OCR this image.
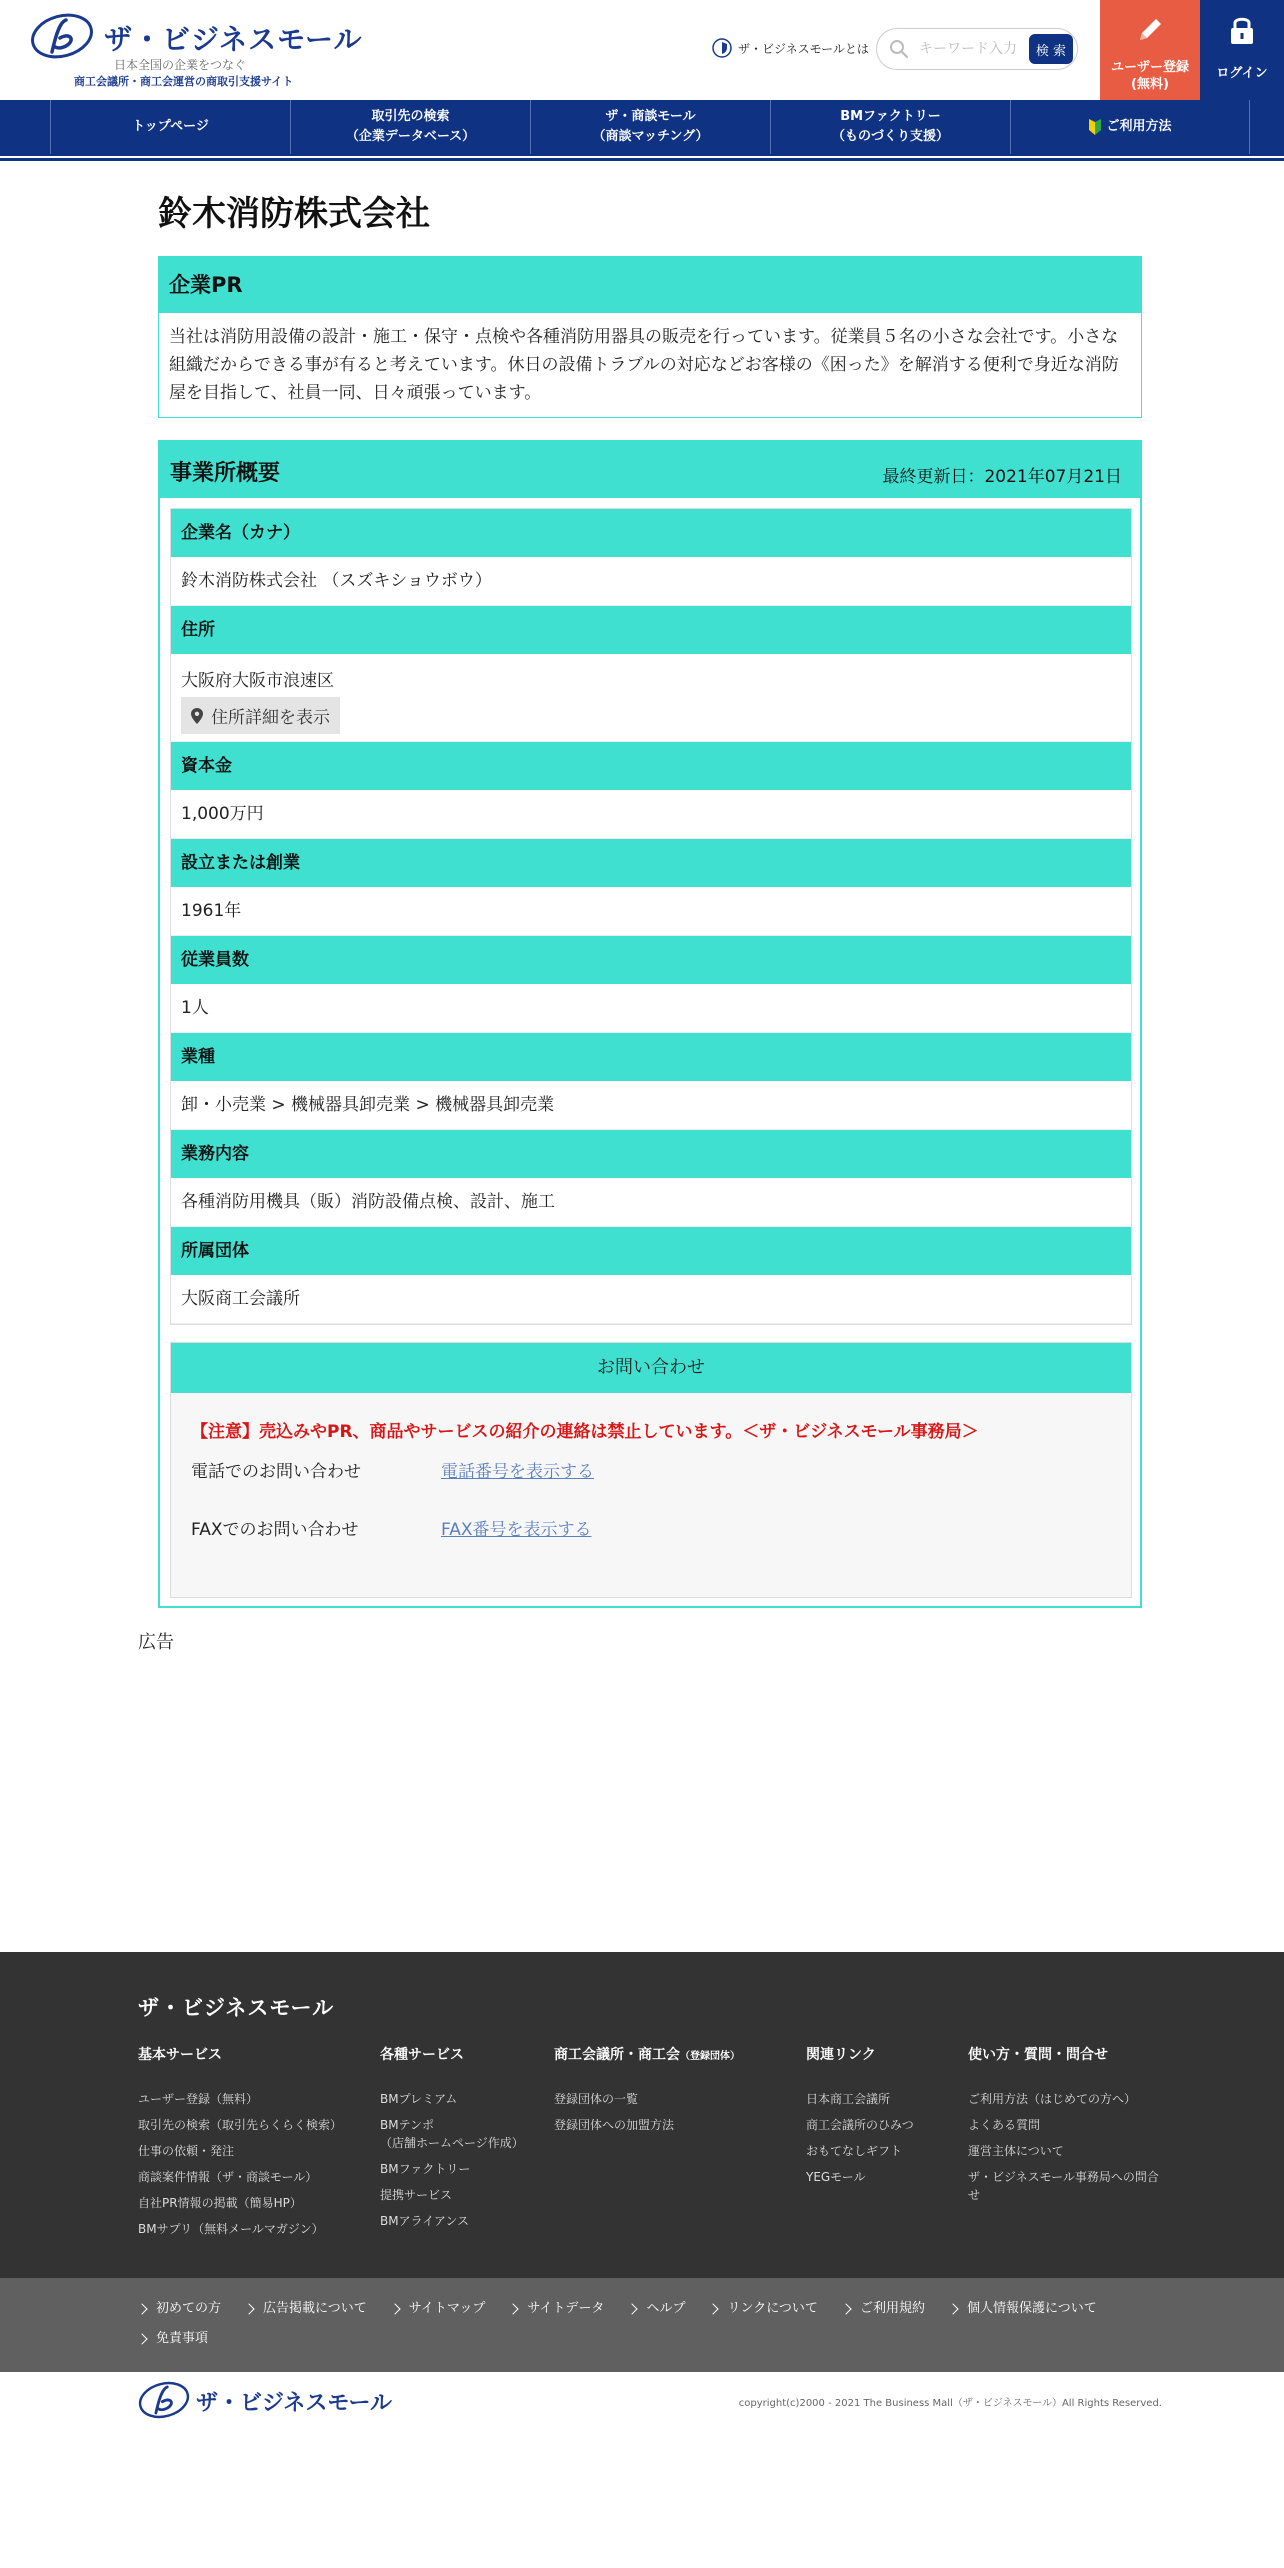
ザ・ビジネスモール
日本全国の企業をつなぐ
商工会議所・商工会運営の商取引支援サイト
ザ・ビジネスモールとは
キーワード入力	検 索
ユーザー登録
(無料)
ログイン
トップページ
取引先の検索
（企業データベース）
ザ・商談モール
（商談マッチング）
BMファクトリー
（ものづくり支援）
ご利用方法
鈴木消防株式会社
企業PR
当社は消防用設備の設計・施工・保守・点検や各種消防用器具の販売を行っています。従業員５名の小さな会社です。小さな組織だからできる事が有ると考えています。休日の設備トラブルの対応などお客様の《困った》を解消する便利で身近な消防屋を目指して、社員一同、日々頑張っています。
事業所概要	最終更新日：2021年07月21日
企業名（カナ）
鈴木消防株式会社 （スズキショウボウ）
住所
大阪府大阪市浪速区
住所詳細を表示
資本金
1,000万円
設立または創業
1961年
従業員数
1人
業種
卸・小売業 > 機械器具卸売業 > 機械器具卸売業
業務内容
各種消防用機具（販）消防設備点検、設計、施工
所属団体
大阪商工会議所
お問い合わせ
【注意】売込みやPR、商品やサービスの紹介の連絡は禁止しています。＜ザ・ビジネスモール事務局＞
電話でのお問い合わせ	電話番号を表示する
FAXでのお問い合わせ	FAX番号を表示する
広告
ザ・ビジネスモール
基本サービス
ユーザー登録（無料）
取引先の検索（取引先らくらく検索）
仕事の依頼・発注
商談案件情報（ザ・商談モール）
自社PR情報の掲載（簡易HP）
BMサプリ（無料メールマガジン）
各種サービス
BMプレミアム
BMテンポ
（店舗ホームページ作成）
BMファクトリー
提携サービス
BMアライアンス
商工会議所・商工会（登録団体）
登録団体の一覧
登録団体への加盟方法
関連リンク
日本商工会議所
商工会議所のひみつ
おもてなしギフト
YEGモール
使い方・質問・問合せ
ご利用方法（はじめての方へ）
よくある質問
運営主体について
ザ・ビジネスモール事務局への問合せ
初めての方	広告掲載について	サイトマップ	サイトデータ	ヘルプ	リンクについて	ご利用規約	個人情報保護について
免責事項
ザ・ビジネスモール	copyright(c)2000 - 2021 The Business Mall（ザ・ビジネスモール）All Rights Reserved.
